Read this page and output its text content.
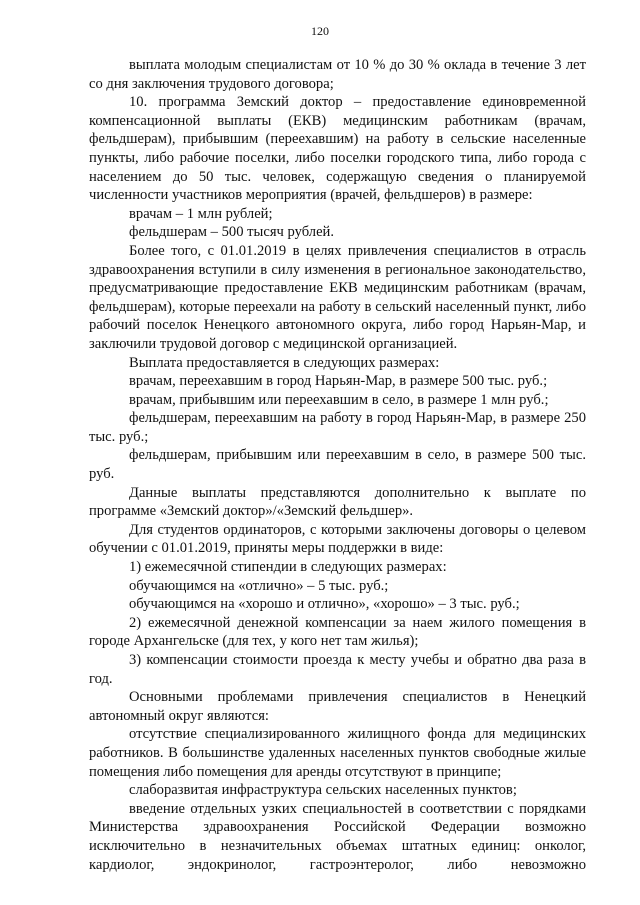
120

выплата молодым специалистам от 10 % до 30 % оклада в течение 3 лет со дня заключения трудового договора;

10. программа Земский доктор – предоставление единовременной компенсационной выплаты (ЕКВ) медицинским работникам (врачам, фельдшерам), прибывшим (переехавшим) на работу в сельские населенные пункты, либо рабочие поселки, либо поселки городского типа, либо города с населением до 50 тыс. человек, содержащую сведения о планируемой численности участников мероприятия (врачей, фельдшеров) в размере:

врачам – 1 млн рублей;

фельдшерам – 500 тысяч рублей.

Более того, с 01.01.2019 в целях привлечения специалистов в отрасль здравоохранения вступили в силу изменения в региональное законодательство, предусматривающие предоставление ЕКВ медицинским работникам (врачам, фельдшерам), которые переехали на работу в сельский населенный пункт, либо рабочий поселок Ненецкого автономного округа, либо город Нарьян-Мар, и заключили трудовой договор с медицинской организацией.

Выплата предоставляется в следующих размерах:

врачам, переехавшим в город Нарьян-Мар, в размере 500 тыс. руб.;

врачам, прибывшим или переехавшим в село, в размере 1 млн руб.;

фельдшерам, переехавшим на работу в город Нарьян-Мар, в размере 250 тыс. руб.;

фельдшерам, прибывшим или переехавшим в село, в размере 500 тыс. руб.

Данные выплаты представляются дополнительно к выплате по программе «Земский доктор»/«Земский фельдшер».

Для студентов ординаторов, с которыми заключены договоры о целевом обучении с 01.01.2019, приняты меры поддержки в виде:

1) ежемесячной стипендии в следующих размерах:

обучающимся на «отлично» – 5 тыс. руб.;

обучающимся на «хорошо и отлично», «хорошо» – 3 тыс. руб.;

2) ежемесячной денежной компенсации за наем жилого помещения в городе Архангельске (для тех, у кого нет там жилья);

3) компенсации стоимости проезда к месту учебы и обратно два раза в год.

Основными проблемами привлечения специалистов в Ненецкий автономный округ являются:

отсутствие специализированного жилищного фонда для медицинских работников. В большинстве удаленных населенных пунктов свободные жилые помещения либо помещения для аренды отсутствуют в принципе;

слаборазвитая инфраструктура сельских населенных пунктов;

введение отдельных узких специальностей в соответствии с порядками Министерства здравоохранения Российской Федерации возможно исключительно в незначительных объемах штатных единиц: онколог, кардиолог, эндокринолог, гастроэнтеролог, либо невозможно
